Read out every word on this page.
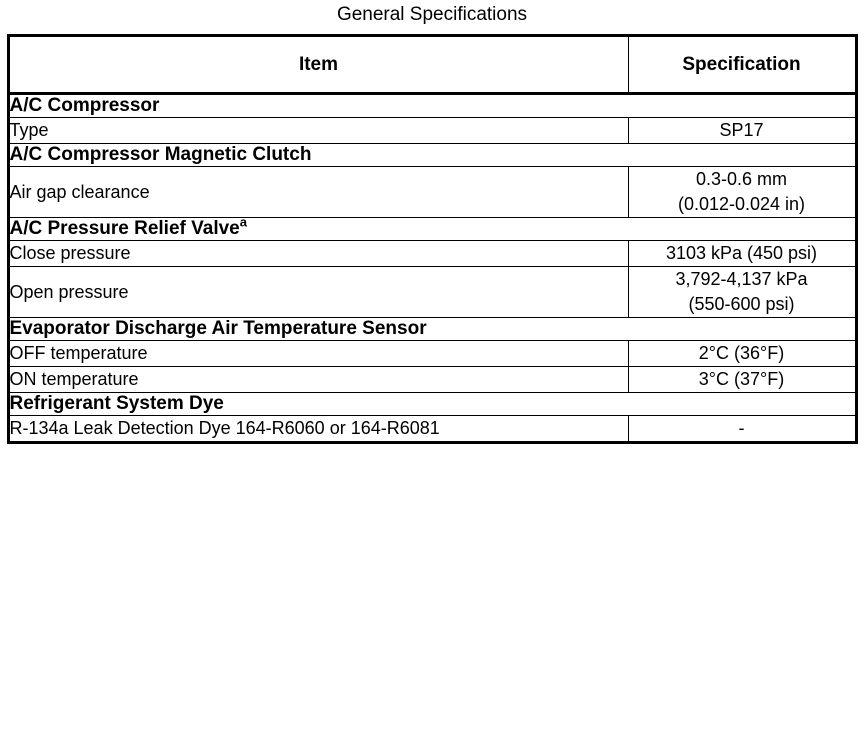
General Specifications
Item	Specification
A/C Compressor	
Type	SP17

A/C Compressor Magnetic Clutch	
Air gap clearance	0.3-0.6 mm
(0.012-0.024 in)

A/C Pressure Relief Valve$^a$
Close pressure	3103 kPa (450 psi)

Open pressure	3,792-4,137 kPa
(550-600 psi)

Evaporator Discharge Air Temperature Sensor	
OFF temperature	2°C (36°F)

ON temperature	3°C (37°F)

Refrigerant System Dye	
R-134a Leak Detection Dye 164-R6060 or 164-R6081	-
